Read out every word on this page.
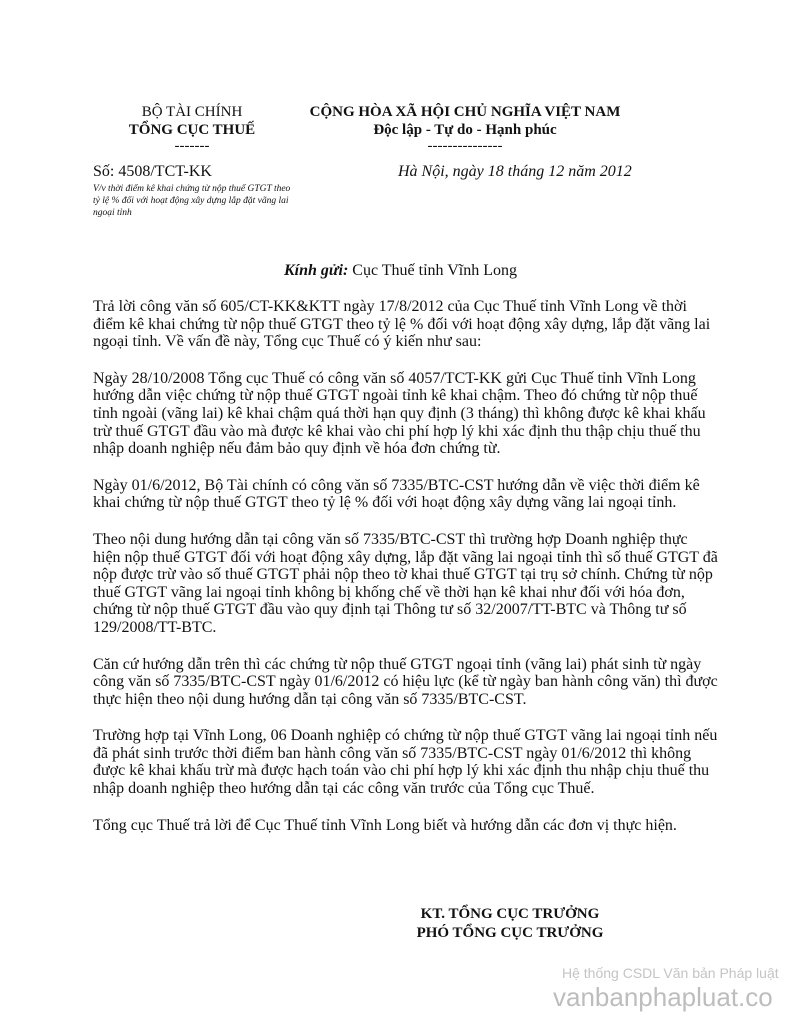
BỘ TÀI CHÍNH
TỔNG CỤC THUẾ
-------
CỘNG HÒA XÃ HỘI CHỦ NGHĨA VIỆT NAM
Độc lập - Tự do - Hạnh phúc
---------------
Số: 4508/TCT-KK
V/v thời điểm kê khai chứng từ nộp thuế GTGT theo tỷ lệ % đối với hoạt động xây dựng lắp đặt vãng lai ngoại tỉnh
Hà Nội, ngày 18 tháng 12 năm 2012
Kính gửi: Cục Thuế tỉnh Vĩnh Long

Trả lời công văn số 605/CT-KK&KTT ngày 17/8/2012 của Cục Thuế tỉnh Vĩnh Long về thời điểm kê khai chứng từ nộp thuế GTGT theo tỷ lệ % đối với hoạt động xây dựng, lắp đặt vãng lai ngoại tỉnh. Về vấn đề này, Tổng cục Thuế có ý kiến như sau:

Ngày 28/10/2008 Tổng cục Thuế có công văn số 4057/TCT-KK gửi Cục Thuế tỉnh Vĩnh Long hướng dẫn việc chứng từ nộp thuế GTGT ngoài tỉnh kê khai chậm. Theo đó chứng từ nộp thuế tỉnh ngoài (vãng lai) kê khai chậm quá thời hạn quy định (3 tháng) thì không được kê khai khấu trừ thuế GTGT đầu vào mà được kê khai vào chi phí hợp lý khi xác định thu thập chịu thuế thu nhập doanh nghiệp nếu đảm bảo quy định về hóa đơn chứng từ.

Ngày 01/6/2012, Bộ Tài chính có công văn số 7335/BTC-CST hướng dẫn về việc thời điểm kê khai chứng từ nộp thuế GTGT theo tỷ lệ % đối với hoạt động xây dựng vãng lai ngoại tỉnh.

Theo nội dung hướng dẫn tại công văn số 7335/BTC-CST thì trường hợp Doanh nghiệp thực hiện nộp thuế GTGT đối với hoạt động xây dựng, lắp đặt vãng lai ngoại tỉnh thì số thuế GTGT đã nộp được trừ vào số thuế GTGT phải nộp theo tờ khai thuế GTGT tại trụ sở chính. Chứng từ nộp thuế GTGT vãng lai ngoại tỉnh không bị khống chế về thời hạn kê khai như đối với hóa đơn, chứng từ nộp thuế GTGT đầu vào quy định tại Thông tư số 32/2007/TT-BTC và Thông tư số 129/2008/TT-BTC.

Căn cứ hướng dẫn trên thì các chứng từ nộp thuế GTGT ngoại tỉnh (vãng lai) phát sinh từ ngày công văn số 7335/BTC-CST ngày 01/6/2012 có hiệu lực (kể từ ngày ban hành công văn) thì được thực hiện theo nội dung hướng dẫn tại công văn số 7335/BTC-CST.

Trường hợp tại Vĩnh Long, 06 Doanh nghiệp có chứng từ nộp thuế GTGT vãng lai ngoại tỉnh nếu đã phát sinh trước thời điểm ban hành công văn số 7335/BTC-CST ngày 01/6/2012 thì không được kê khai khấu trừ mà được hạch toán vào chi phí hợp lý khi xác định thu nhập chịu thuế thu nhập doanh nghiệp theo hướng dẫn tại các công văn trước của Tổng cục Thuế.

Tổng cục Thuế trả lời để Cục Thuế tỉnh Vĩnh Long biết và hướng dẫn các đơn vị thực hiện.

KT. TỔNG CỤC TRƯỞNG
PHÓ TỔNG CỤC TRƯỞNG
Hệ thống CSDL Văn bản Pháp luật
vanbanphapluat.co
